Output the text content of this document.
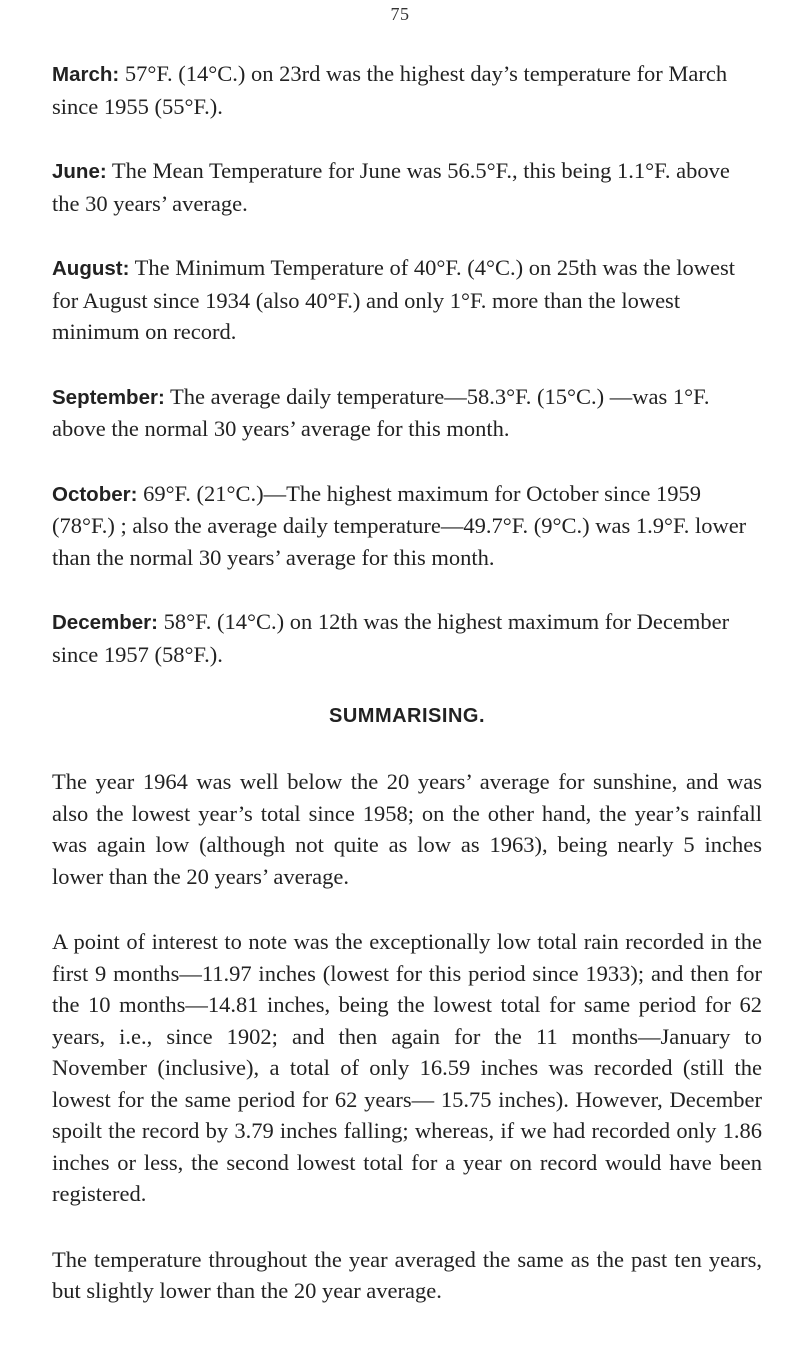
75

March: 57°F. (14°C.) on 23rd was the highest day’s temperature for March since 1955 (55°F.).

June: The Mean Temperature for June was 56.5°F., this being 1.1°F. above the 30 years’ average.

August: The Minimum Temperature of 40°F. (4°C.) on 25th was the lowest for August since 1934 (also 40°F.) and only 1°F. more than the lowest minimum on record.

September: The average daily temperature—58.3°F. (15°C.) —was 1°F. above the normal 30 years’ average for this month.

October: 69°F. (21°C.)—The highest maximum for October since 1959 (78°F.) ; also the average daily temperature—49.7°F. (9°C.) was 1.9°F. lower than the normal 30 years’ average for this month.

December: 58°F. (14°C.) on 12th was the highest maximum for December since 1957 (58°F.).

SUMMARISING.

The year 1964 was well below the 20 years’ average for sunshine, and was also the lowest year’s total since 1958; on the other hand, the year’s rainfall was again low (although not quite as low as 1963), being nearly 5 inches lower than the 20 years’ average.

A point of interest to note was the exceptionally low total rain recorded in the first 9 months—11.97 inches (lowest for this period since 1933); and then for the 10 months—14.81 inches, being the lowest total for same period for 62 years, i.e., since 1902; and then again for the 11 months—January to November (inclusive), a total of only 16.59 inches was recorded (still the lowest for the same period for 62 years— 15.75 inches). However, December spoilt the record by 3.79 inches falling; whereas, if we had recorded only 1.86 inches or less, the second lowest total for a year on record would have been registered.

The temperature throughout the year averaged the same as the past ten years, but slightly lower than the 20 year average.
